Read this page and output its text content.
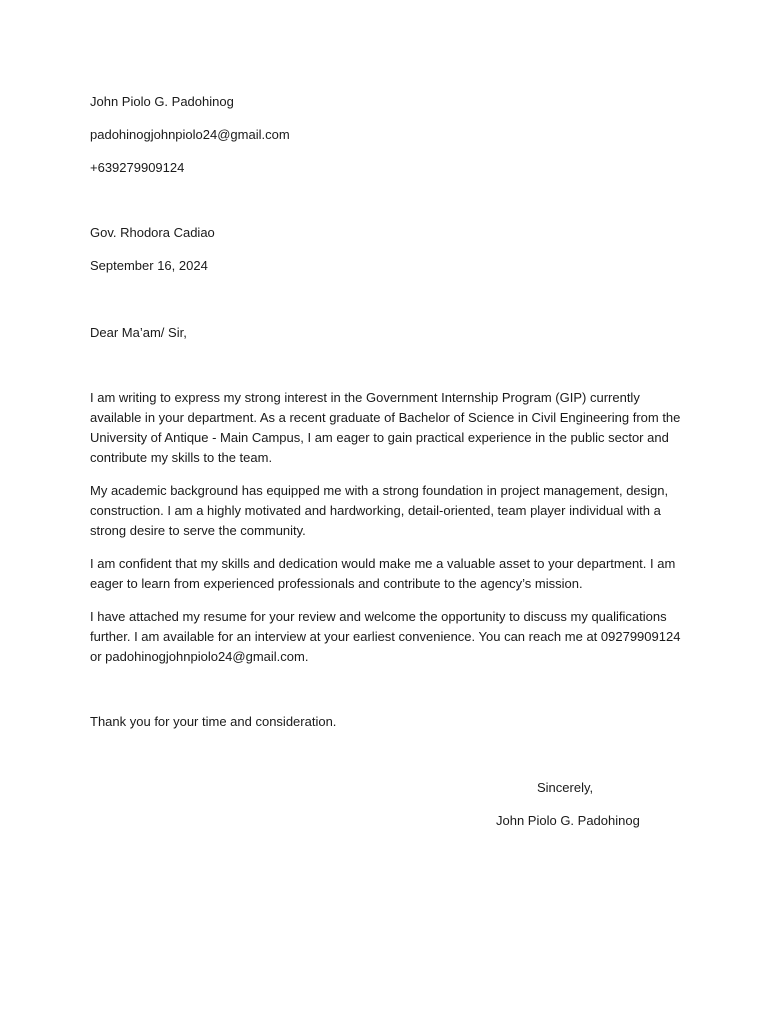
John Piolo G. Padohinog
padohinogjohnpiolo24@gmail.com
+639279909124
Gov. Rhodora Cadiao
September 16, 2024
Dear Ma’am/ Sir,
I am writing to express my strong interest in the Government Internship Program (GIP) currently
available in your department. As a recent graduate of Bachelor of Science in Civil Engineering from the
University of Antique - Main Campus, I am eager to gain practical experience in the public sector and
contribute my skills to the team.
My academic background has equipped me with a strong foundation in project management, design,
construction. I am a highly motivated and hardworking, detail-oriented, team player individual with a
strong desire to serve the community.
I am confident that my skills and dedication would make me a valuable asset to your department. I am
eager to learn from experienced professionals and contribute to the agency’s mission.
I have attached my resume for your review and welcome the opportunity to discuss my qualifications
further. I am available for an interview at your earliest convenience. You can reach me at 09279909124
or padohinogjohnpiolo24@gmail.com.
Thank you for your time and consideration.
Sincerely,
John Piolo G. Padohinog
